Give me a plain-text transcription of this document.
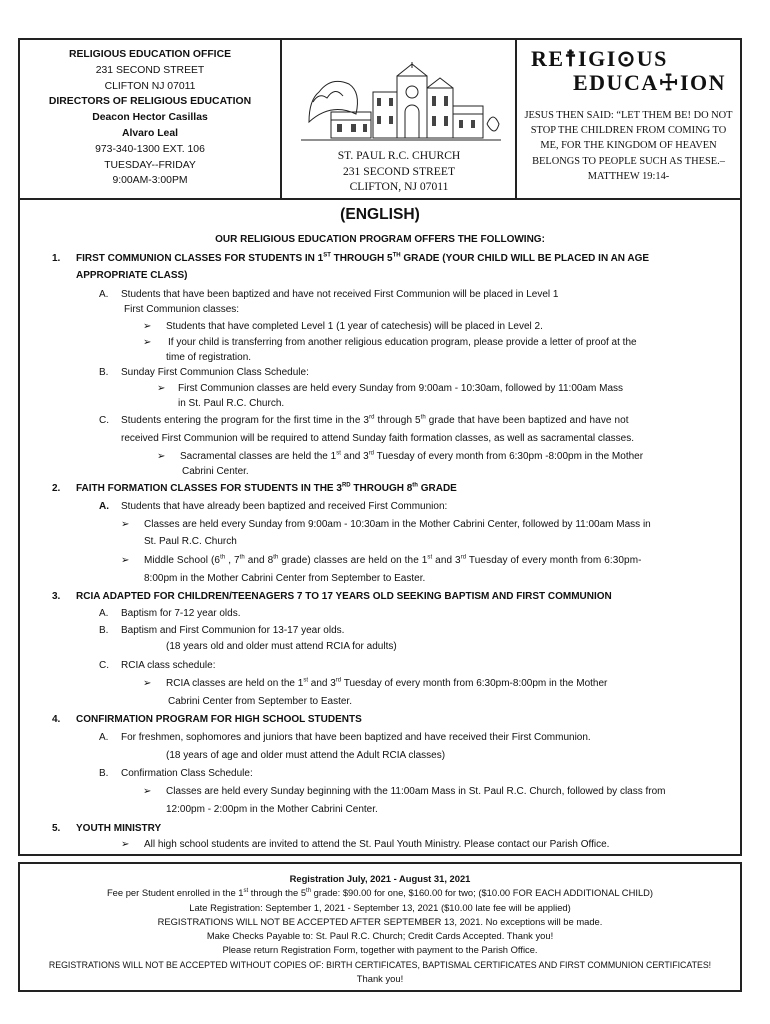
RELIGIOUS EDUCATION OFFICE
231 SECOND STREET
CLIFTON NJ 07011
DIRECTORS OF RELIGIOUS EDUCATION
Deacon Hector Casillas
Alvaro Leal
973-340-1300 EXT. 106
TUESDAY--FRIDAY
9:00AM-3:00PM
ST. PAUL R.C. CHURCH
231 SECOND STREET
CLIFTON, NJ 07011
RE☨IGI⊙US
EDUCA☩ION
JESUS THEN SAID: “LET THEM BE! DO NOT STOP THE CHILDREN FROM COMING TO ME, FOR THE KINGDOM OF HEAVEN BELONGS TO PEOPLE SUCH AS THESE.–MATTHEW 19:14-
(ENGLISH)
OUR RELIGIOUS EDUCATION PROGRAM OFFERS THE FOLLOWING:
1. FIRST COMMUNION CLASSES FOR STUDENTS IN 1ST THROUGH 5TH GRADE (YOUR CHILD WILL BE PLACED IN AN AGE
APPROPRIATE CLASS)
A. Students that have been baptized and have not received First Communion will be placed in Level 1
First Communion classes:
➢ Students that have completed Level 1 (1 year of catechesis) will be placed in Level 2.
➢ If your child is transferring from another religious education program, please provide a letter of proof at the
time of registration.
B. Sunday First Communion Class Schedule:
➢ First Communion classes are held every Sunday from 9:00am - 10:30am, followed by 11:00am Mass
in St. Paul R.C. Church.
C. Students entering the program for the first time in the 3rd through 5th grade that have been baptized and have not
received First Communion will be required to attend Sunday faith formation classes, as well as sacramental classes.
➢ Sacramental classes are held the 1st and 3rd Tuesday of every month from 6:30pm -8:00pm in the Mother
Cabrini Center.
2. FAITH FORMATION CLASSES FOR STUDENTS IN THE 3RD THROUGH 8th GRADE
A. Students that have already been baptized and received First Communion:
➢ Classes are held every Sunday from 9:00am - 10:30am in the Mother Cabrini Center, followed by 11:00am Mass in
St. Paul R.C. Church
➢ Middle School (6th , 7th and 8th grade) classes are held on the 1st and 3rd Tuesday of every month from 6:30pm-
8:00pm in the Mother Cabrini Center from September to Easter.
3. RCIA ADAPTED FOR CHILDREN/TEENAGERS 7 TO 17 YEARS OLD SEEKING BAPTISM AND FIRST COMMUNION
A. Baptism for 7-12 year olds.
B. Baptism and First Communion for 13-17 year olds.
(18 years old and older must attend RCIA for adults)
C. RCIA class schedule:
➢ RCIA classes are held on the 1st and 3rd Tuesday of every month from 6:30pm-8:00pm in the Mother
Cabrini Center from September to Easter.
4. CONFIRMATION PROGRAM FOR HIGH SCHOOL STUDENTS
A. For freshmen, sophomores and juniors that have been baptized and have received their First Communion.
(18 years of age and older must attend the Adult RCIA classes)
B. Confirmation Class Schedule:
➢ Classes are held every Sunday beginning with the 11:00am Mass in St. Paul R.C. Church, followed by class from
12:00pm - 2:00pm in the Mother Cabrini Center.
5. YOUTH MINISTRY
➢ All high school students are invited to attend the St. Paul Youth Ministry. Please contact our Parish Office.
Registration July, 2021 - August 31, 2021
Fee per Student enrolled in the 1st through the 5th grade: $90.00 for one, $160.00 for two; ($10.00 FOR EACH ADDITIONAL CHILD)
Late Registration: September 1, 2021 - September 13, 2021 ($10.00 late fee will be applied)
REGISTRATIONS WILL NOT BE ACCEPTED AFTER SEPTEMBER 13, 2021. No exceptions will be made.
Make Checks Payable to: St. Paul R.C. Church; Credit Cards Accepted. Thank you!
Please return Registration Form, together with payment to the Parish Office.
REGISTRATIONS WILL NOT BE ACCEPTED WITHOUT COPIES OF: BIRTH CERTIFICATES, BAPTISMAL CERTIFICATES AND FIRST COMMUNION CERTIFICATES!
Thank you!
